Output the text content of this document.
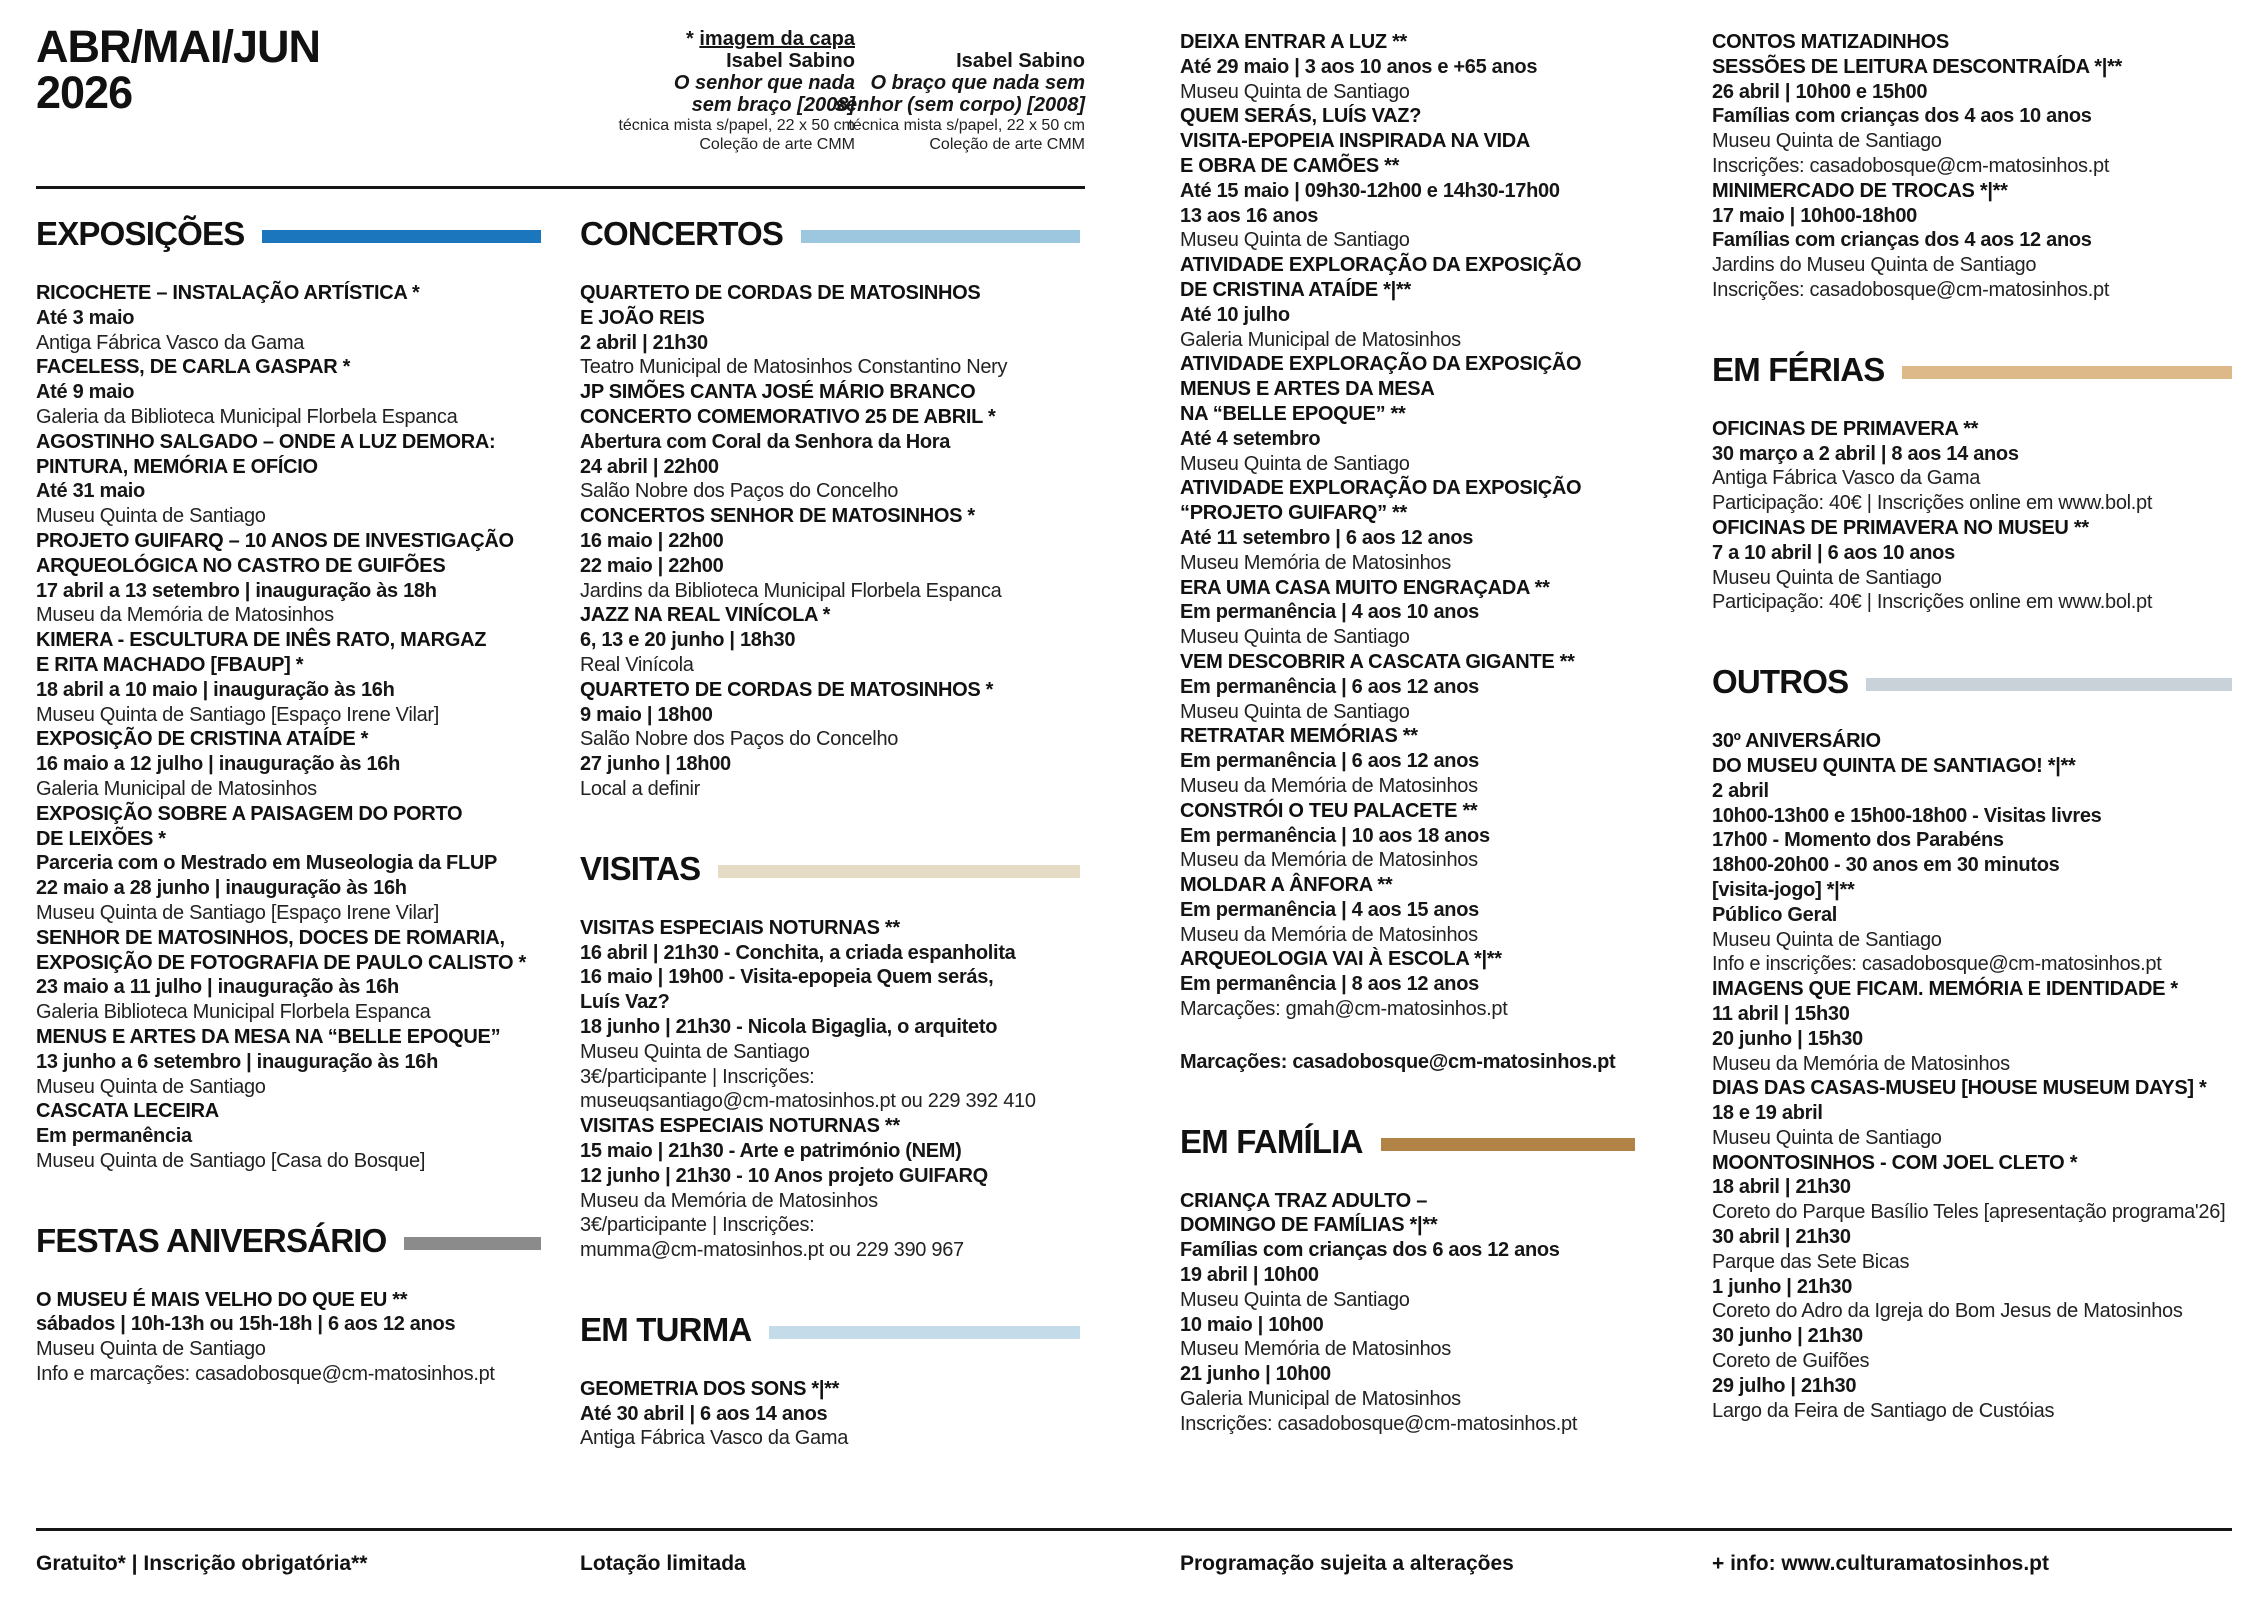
ABR/MAI/JUN
2026
* imagem da capa
Isabel Sabino
O senhor que nada
sem braço [2008]
técnica mista s/papel, 22 x 50 cm
Coleção de arte CMM
Isabel Sabino
O braço que nada sem
senhor (sem corpo) [2008]
técnica mista s/papel, 22 x 50 cm
Coleção de arte CMM
EXPOSIÇÕES

RICOCHETE – INSTALAÇÃO ARTÍSTICA *

Até 3 maio

Antiga Fábrica Vasco da Gama

FACELESS, DE CARLA GASPAR *

Até 9 maio

Galeria da Biblioteca Municipal Florbela Espanca

AGOSTINHO SALGADO – ONDE A LUZ DEMORA:

PINTURA, MEMÓRIA E OFÍCIO

Até 31 maio

Museu Quinta de Santiago

PROJETO GUIFARQ – 10 ANOS DE INVESTIGAÇÃO

ARQUEOLÓGICA NO CASTRO DE GUIFÕES

17 abril a 13 setembro | inauguração às 18h

Museu da Memória de Matosinhos

KIMERA - ESCULTURA DE INÊS RATO, MARGAZ

E RITA MACHADO [FBAUP] *

18 abril a 10 maio | inauguração às 16h

Museu Quinta de Santiago [Espaço Irene Vilar]

EXPOSIÇÃO DE CRISTINA ATAÍDE *

16 maio a 12 julho | inauguração às 16h

Galeria Municipal de Matosinhos

EXPOSIÇÃO SOBRE A PAISAGEM DO PORTO

DE LEIXÕES *

Parceria com o Mestrado em Museologia da FLUP

22 maio a 28 junho | inauguração às 16h

Museu Quinta de Santiago [Espaço Irene Vilar]

SENHOR DE MATOSINHOS, DOCES DE ROMARIA,

EXPOSIÇÃO DE FOTOGRAFIA DE PAULO CALISTO *

23 maio a 11 julho | inauguração às 16h

Galeria Biblioteca Municipal Florbela Espanca

MENUS E ARTES DA MESA NA “BELLE EPOQUE”

13 junho a 6 setembro | inauguração às 16h

Museu Quinta de Santiago

CASCATA LECEIRA

Em permanência

Museu Quinta de Santiago [Casa do Bosque]

FESTAS ANIVERSÁRIO

O MUSEU É MAIS VELHO DO QUE EU **

sábados | 10h-13h ou 15h-18h | 6 aos 12 anos

Museu Quinta de Santiago

Info e marcações: casadobosque@cm-matosinhos.pt

CONCERTOS

QUARTETO DE CORDAS DE MATOSINHOS

E JOÃO REIS

2 abril | 21h30

Teatro Municipal de Matosinhos Constantino Nery

JP SIMÕES CANTA JOSÉ MÁRIO BRANCO

CONCERTO COMEMORATIVO 25 DE ABRIL *

Abertura com Coral da Senhora da Hora

24 abril | 22h00

Salão Nobre dos Paços do Concelho

CONCERTOS SENHOR DE MATOSINHOS *

16 maio | 22h00

22 maio | 22h00

Jardins da Biblioteca Municipal Florbela Espanca

JAZZ NA REAL VINÍCOLA *

6, 13 e 20 junho | 18h30

Real Vinícola

QUARTETO DE CORDAS DE MATOSINHOS *

9 maio | 18h00

Salão Nobre dos Paços do Concelho

27 junho | 18h00

Local a definir

VISITAS

VISITAS ESPECIAIS NOTURNAS **

16 abril | 21h30 - Conchita, a criada espanholita

16 maio | 19h00 - Visita-epopeia Quem serás,

Luís Vaz?

18 junho | 21h30 - Nicola Bigaglia, o arquiteto

Museu Quinta de Santiago

3€/participante | Inscrições:

museuqsantiago@cm-matosinhos.pt ou 229 392 410

VISITAS ESPECIAIS NOTURNAS **

15 maio | 21h30 - Arte e património (NEM)

12 junho | 21h30 - 10 Anos projeto GUIFARQ

Museu da Memória de Matosinhos

3€/participante | Inscrições:

mumma@cm-matosinhos.pt ou 229 390 967

EM TURMA

GEOMETRIA DOS SONS *|**

Até 30 abril | 6 aos 14 anos

Antiga Fábrica Vasco da Gama

DEIXA ENTRAR A LUZ **

Até 29 maio | 3 aos 10 anos e +65 anos

Museu Quinta de Santiago

QUEM SERÁS, LUÍS VAZ?

VISITA-EPOPEIA INSPIRADA NA VIDA

E OBRA DE CAMÕES **

Até 15 maio | 09h30-12h00 e 14h30-17h00

13 aos 16 anos

Museu Quinta de Santiago

ATIVIDADE EXPLORAÇÃO DA EXPOSIÇÃO

DE CRISTINA ATAÍDE *|**

Até 10 julho

Galeria Municipal de Matosinhos

ATIVIDADE EXPLORAÇÃO DA EXPOSIÇÃO

MENUS E ARTES DA MESA

NA “BELLE EPOQUE” **

Até 4 setembro

Museu Quinta de Santiago

ATIVIDADE EXPLORAÇÃO DA EXPOSIÇÃO

“PROJETO GUIFARQ” **

Até 11 setembro | 6 aos 12 anos

Museu Memória de Matosinhos

ERA UMA CASA MUITO ENGRAÇADA **

Em permanência | 4 aos 10 anos

Museu Quinta de Santiago

VEM DESCOBRIR A CASCATA GIGANTE **

Em permanência | 6 aos 12 anos

Museu Quinta de Santiago

RETRATAR MEMÓRIAS **

Em permanência | 6 aos 12 anos

Museu da Memória de Matosinhos

CONSTRÓI O TEU PALACETE **

Em permanência | 10 aos 18 anos

Museu da Memória de Matosinhos

MOLDAR A ÂNFORA **

Em permanência | 4 aos 15 anos

Museu da Memória de Matosinhos

ARQUEOLOGIA VAI À ESCOLA *|**

Em permanência | 8 aos 12 anos

Marcações: gmah@cm-matosinhos.pt

Marcações: casadobosque@cm-matosinhos.pt

EM FAMÍLIA

CRIANÇA TRAZ ADULTO –

DOMINGO DE FAMÍLIAS *|**

Famílias com crianças dos 6 aos 12 anos

19 abril | 10h00

Museu Quinta de Santiago

10 maio | 10h00

Museu Memória de Matosinhos

21 junho | 10h00

Galeria Municipal de Matosinhos

Inscrições: casadobosque@cm-matosinhos.pt

CONTOS MATIZADINHOS

SESSÕES DE LEITURA DESCONTRAÍDA *|**

26 abril | 10h00 e 15h00

Famílias com crianças dos 4 aos 10 anos

Museu Quinta de Santiago

Inscrições: casadobosque@cm-matosinhos.pt

MINIMERCADO DE TROCAS *|**

17 maio | 10h00-18h00

Famílias com crianças dos 4 aos 12 anos

Jardins do Museu Quinta de Santiago

Inscrições: casadobosque@cm-matosinhos.pt

EM FÉRIAS

OFICINAS DE PRIMAVERA **

30 março a 2 abril | 8 aos 14 anos

Antiga Fábrica Vasco da Gama

Participação: 40€ | Inscrições online em www.bol.pt

OFICINAS DE PRIMAVERA NO MUSEU **

7 a 10 abril | 6 aos 10 anos

Museu Quinta de Santiago

Participação: 40€ | Inscrições online em www.bol.pt

OUTROS

30º ANIVERSÁRIO

DO MUSEU QUINTA DE SANTIAGO! *|**

2 abril

10h00-13h00 e 15h00-18h00 - Visitas livres

17h00 - Momento dos Parabéns

18h00-20h00 - 30 anos em 30 minutos

[visita-jogo] *|**

Público Geral

Museu Quinta de Santiago

Info e inscrições: casadobosque@cm-matosinhos.pt

IMAGENS QUE FICAM. MEMÓRIA E IDENTIDADE *

11 abril | 15h30

20 junho | 15h30

Museu da Memória de Matosinhos

DIAS DAS CASAS-MUSEU [HOUSE MUSEUM DAYS] *

18 e 19 abril

Museu Quinta de Santiago

MOONTOSINHOS - COM JOEL CLETO *

18 abril | 21h30

Coreto do Parque Basílio Teles [apresentação programa'26]

30 abril | 21h30

Parque das Sete Bicas

1 junho | 21h30

Coreto do Adro da Igreja do Bom Jesus de Matosinhos

30 junho | 21h30

Coreto de Guifões

29 julho | 21h30

Largo da Feira de Santiago de Custóias

Gratuito* | Inscrição obrigatória**	Lotação limitada	Programação sujeita a alterações	+ info: www.culturamatosinhos.pt
